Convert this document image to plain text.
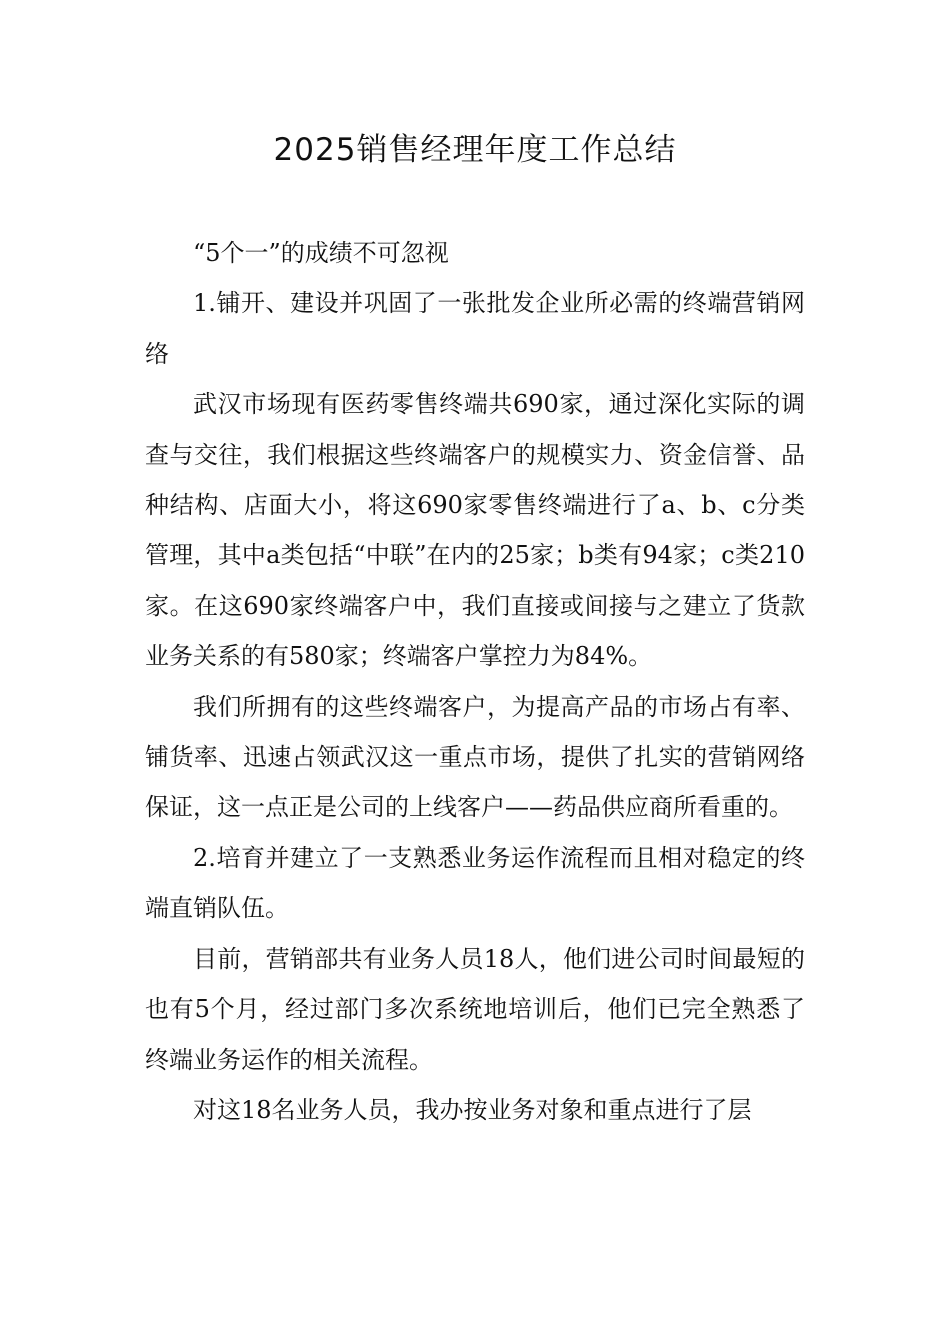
2025销售经理年度工作总结

“5个一”的成绩不可忽视

1.铺开、建设并巩固了一张批发企业所必需的终端营销网络

武汉市场现有医药零售终端共690家，通过深化实际的调查与交往，我们根据这些终端客户的规模实力、资金信誉、品种结构、店面大小，将这690家零售终端进行了a、b、c分类管理，其中a类包括“中联”在内的25家；b类有94家；c类210家。在这690家终端客户中，我们直接或间接与之建立了货款业务关系的有580家；终端客户掌控力为84%。

我们所拥有的这些终端客户，为提高产品的市场占有率、铺货率、迅速占领武汉这一重点市场，提供了扎实的营销网络保证，这一点正是公司的上线客户——药品供应商所看重的。

2.培育并建立了一支熟悉业务运作流程而且相对稳定的终端直销队伍。

目前，营销部共有业务人员18人，他们进公司时间最短的也有5个月，经过部门多次系统地培训后，他们已完全熟悉了终端业务运作的相关流程。

对这18名业务人员，我办按业务对象和重点进行了层
